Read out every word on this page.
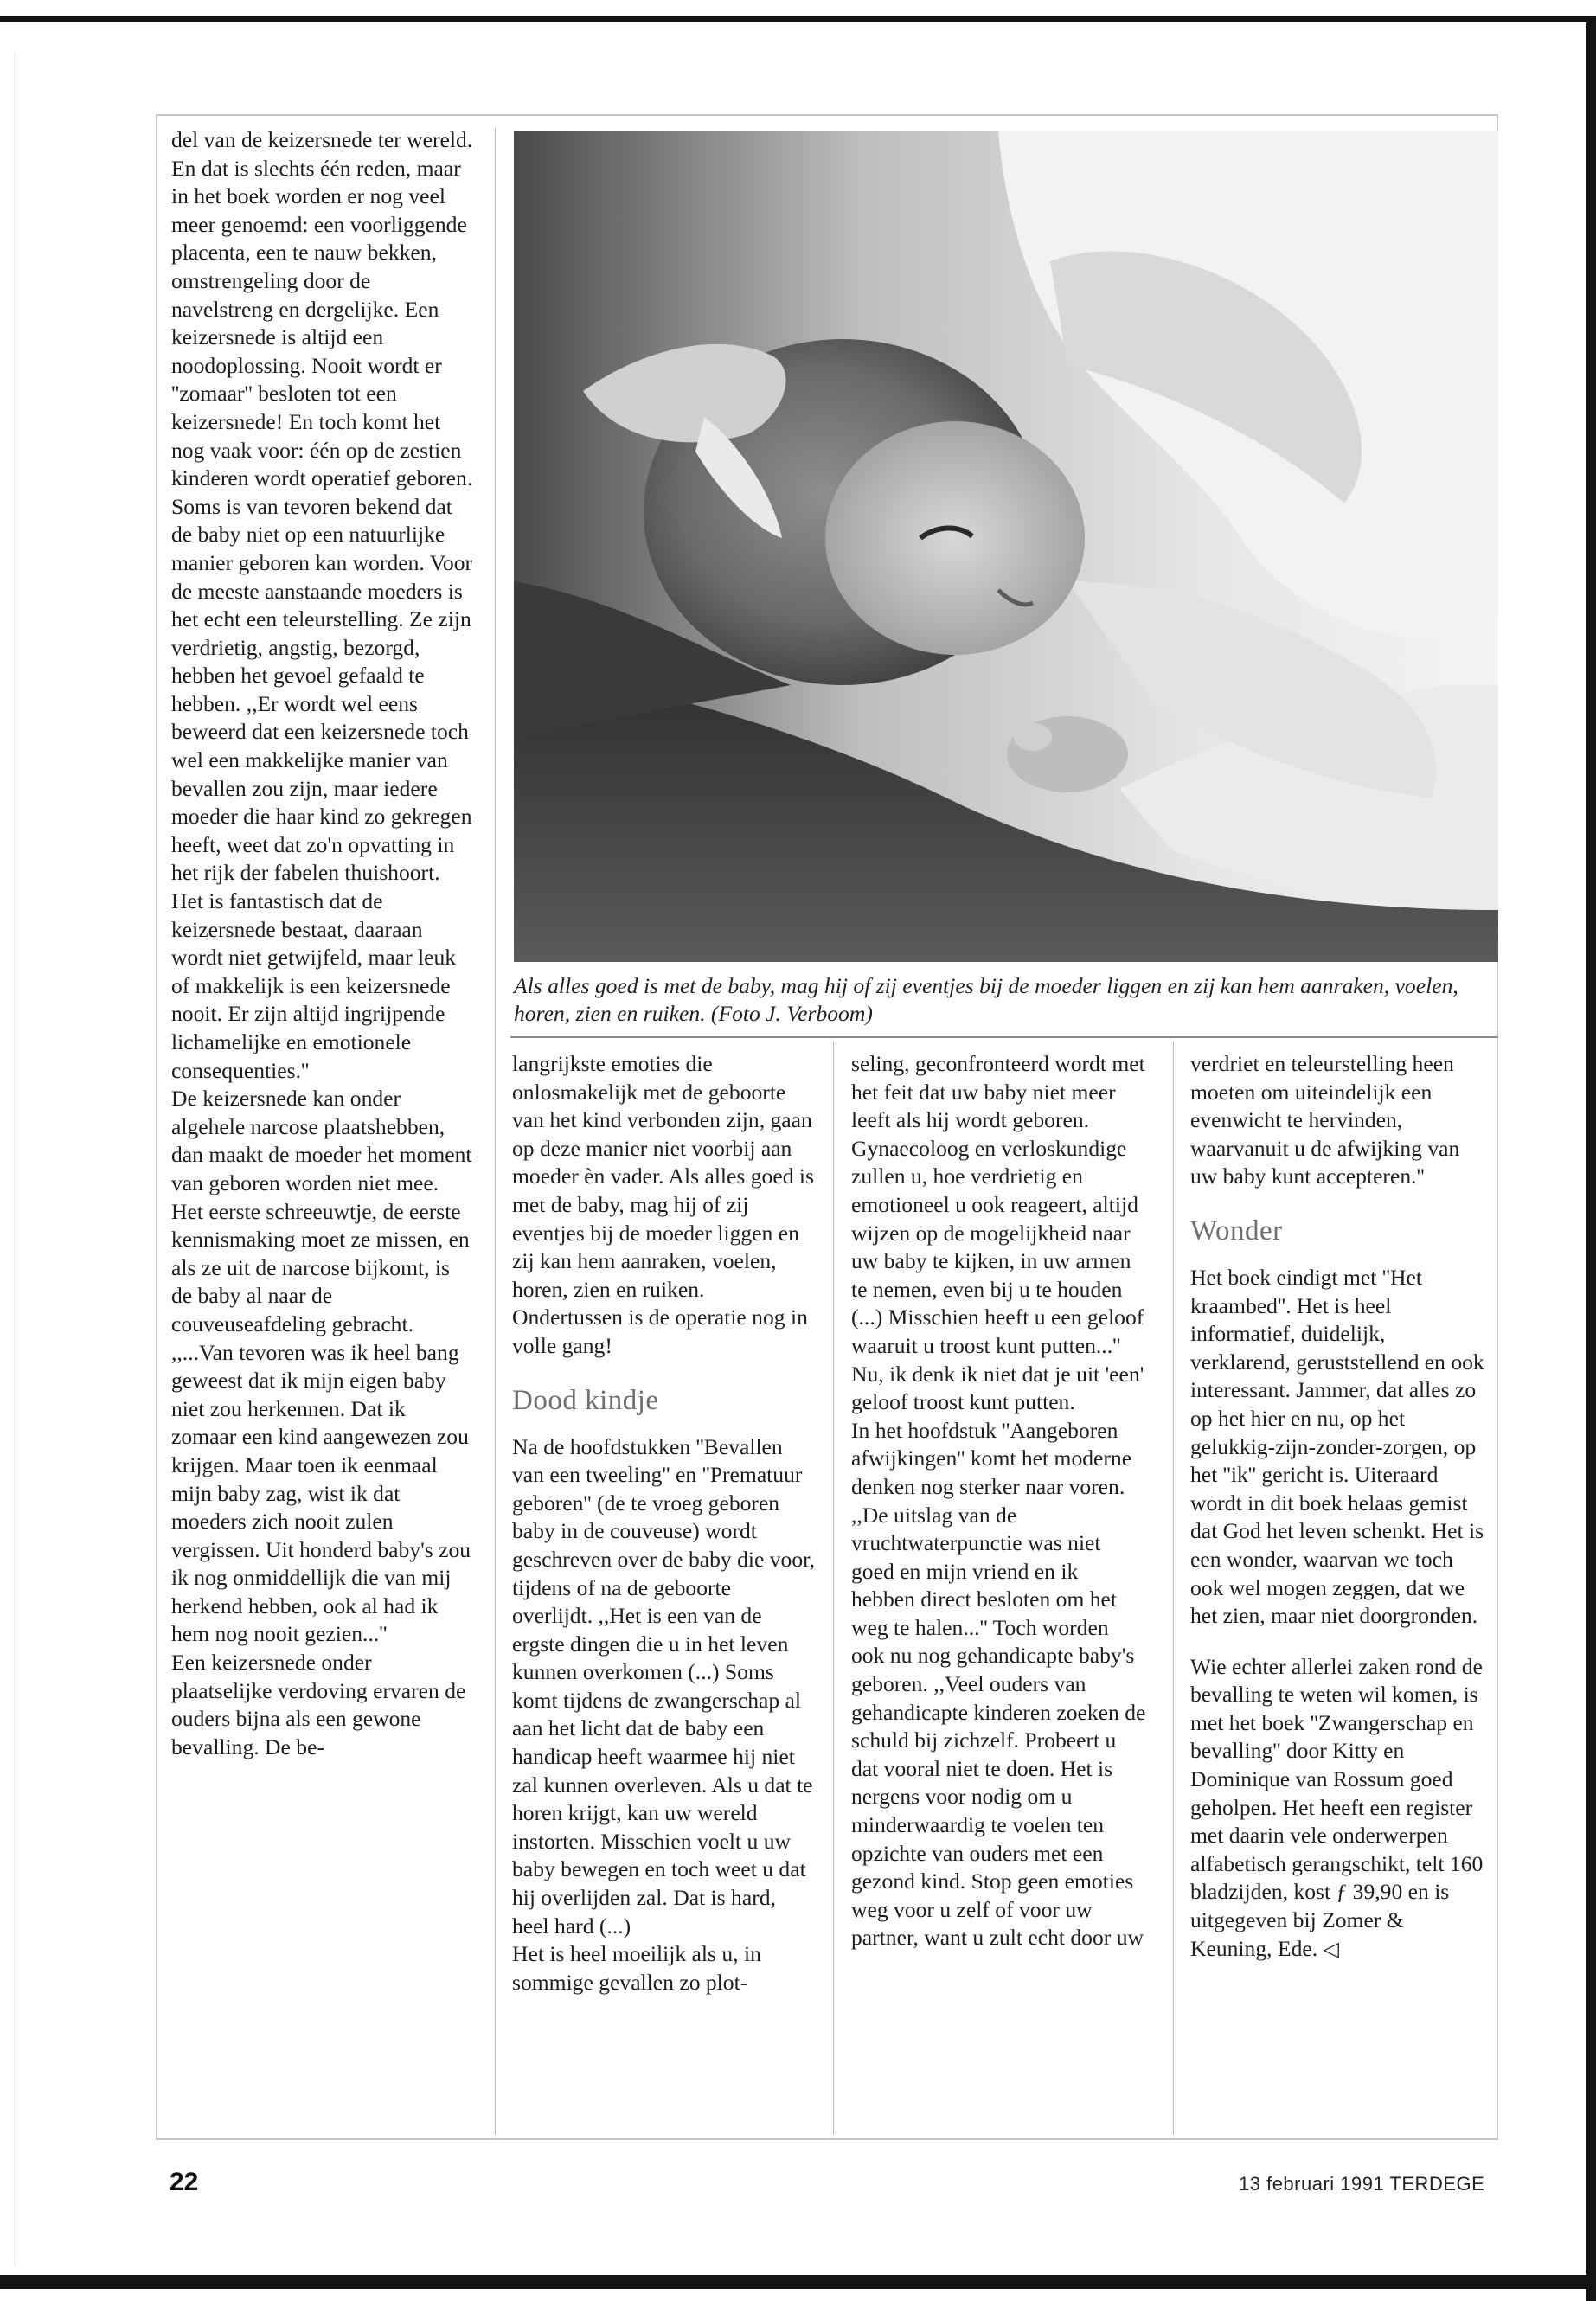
del van de keizersnede ter wereld. En dat is slechts één reden, maar in het boek worden er nog veel meer genoemd: een voorliggende placenta, een te nauw bekken, omstrengeling door de navelstreng en dergelijke. Een keizersnede is altijd een noodoplossing. Nooit wordt er ''zomaar'' besloten tot een keizersnede! En toch komt het nog vaak voor: één op de zestien kinderen wordt operatief geboren.

Soms is van tevoren bekend dat de baby niet op een natuurlijke manier geboren kan worden. Voor de meeste aanstaande moeders is het echt een teleurstelling. Ze zijn verdrietig, angstig, bezorgd, hebben het gevoel gefaald te hebben. ,,Er wordt wel eens beweerd dat een keizersnede toch wel een makkelijke manier van bevallen zou zijn, maar iedere moeder die haar kind zo gekregen heeft, weet dat zo'n opvatting in het rijk der fabelen thuishoort. Het is fantastisch dat de keizersnede bestaat, daaraan wordt niet getwijfeld, maar leuk of makkelijk is een keizersnede nooit. Er zijn altijd ingrijpende lichamelijke en emotionele consequenties.''

De keizersnede kan onder algehele narcose plaatshebben, dan maakt de moeder het moment van geboren worden niet mee. Het eerste schreeuwtje, de eerste kennismaking moet ze missen, en als ze uit de narcose bijkomt, is de baby al naar de couveuseafdeling gebracht. ,,...Van tevoren was ik heel bang geweest dat ik mijn eigen baby niet zou herkennen. Dat ik zomaar een kind aangewezen zou krijgen. Maar toen ik eenmaal mijn baby zag, wist ik dat moeders zich nooit zulen vergissen. Uit honderd baby's zou ik nog onmiddellijk die van mij herkend hebben, ook al had ik hem nog nooit gezien...''

Een keizersnede onder plaatselijke verdoving ervaren de ouders bijna als een gewone bevalling. De be-

Als alles goed is met de baby, mag hij of zij eventjes bij de moeder liggen en zij kan hem aanraken, voelen, horen, zien en ruiken. (Foto J. Verboom)

langrijkste emoties die onlosmakelijk met de geboorte van het kind verbonden zijn, gaan op deze manier niet voorbij aan moeder èn vader. Als alles goed is met de baby, mag hij of zij eventjes bij de moeder liggen en zij kan hem aanraken, voelen, horen, zien en ruiken. Ondertussen is de operatie nog in volle gang!

Dood kindje

Na de hoofdstukken ''Bevallen van een tweeling'' en ''Prematuur geboren'' (de te vroeg geboren baby in de couveuse) wordt geschreven over de baby die voor, tijdens of na de geboorte overlijdt. ,,Het is een van de ergste dingen die u in het leven kunnen overkomen (...) Soms komt tijdens de zwangerschap al aan het licht dat de baby een handicap heeft waarmee hij niet zal kunnen overleven. Als u dat te horen krijgt, kan uw wereld instorten. Misschien voelt u uw baby bewegen en toch weet u dat hij overlijden zal. Dat is hard, heel hard (...)

Het is heel moeilijk als u, in sommige gevallen zo plot-

seling, geconfronteerd wordt met het feit dat uw baby niet meer leeft als hij wordt geboren. Gynaecoloog en verloskundige zullen u, hoe verdrietig en emotioneel u ook reageert, altijd wijzen op de mogelijkheid naar uw baby te kijken, in uw armen te nemen, even bij u te houden (...) Misschien heeft u een geloof waaruit u troost kunt putten...'' Nu, ik denk ik niet dat je uit 'een' geloof troost kunt putten.

In het hoofdstuk ''Aangeboren afwijkingen'' komt het moderne denken nog sterker naar voren. ,,De uitslag van de vruchtwaterpunctie was niet goed en mijn vriend en ik hebben direct besloten om het weg te halen...'' Toch worden ook nu nog gehandicapte baby's geboren. ,,Veel ouders van gehandicapte kinderen zoeken de schuld bij zichzelf. Probeert u dat vooral niet te doen. Het is nergens voor nodig om u minderwaardig te voelen ten opzichte van ouders met een gezond kind. Stop geen emoties weg voor u zelf of voor uw partner, want u zult echt door uw

verdriet en teleurstelling heen moeten om uiteindelijk een evenwicht te hervinden, waarvanuit u de afwijking van uw baby kunt accepteren.''

Wonder

Het boek eindigt met ''Het kraambed''. Het is heel informatief, duidelijk, verklarend, geruststellend en ook interessant. Jammer, dat alles zo op het hier en nu, op het gelukkig-zijn-zonder-zorgen, op het ''ik'' gericht is. Uiteraard wordt in dit boek helaas gemist dat God het leven schenkt. Het is een wonder, waarvan we toch ook wel mogen zeggen, dat we het zien, maar niet doorgronden.

Wie echter allerlei zaken rond de bevalling te weten wil komen, is met het boek ''Zwangerschap en bevalling'' door Kitty en Dominique van Rossum goed geholpen. Het heeft een register met daarin vele onderwerpen alfabetisch gerangschikt, telt 160 bladzijden, kost ƒ 39,90 en is uitgegeven bij Zomer & Keuning, Ede. ◁

22	13 februari 1991 TERDEGE
